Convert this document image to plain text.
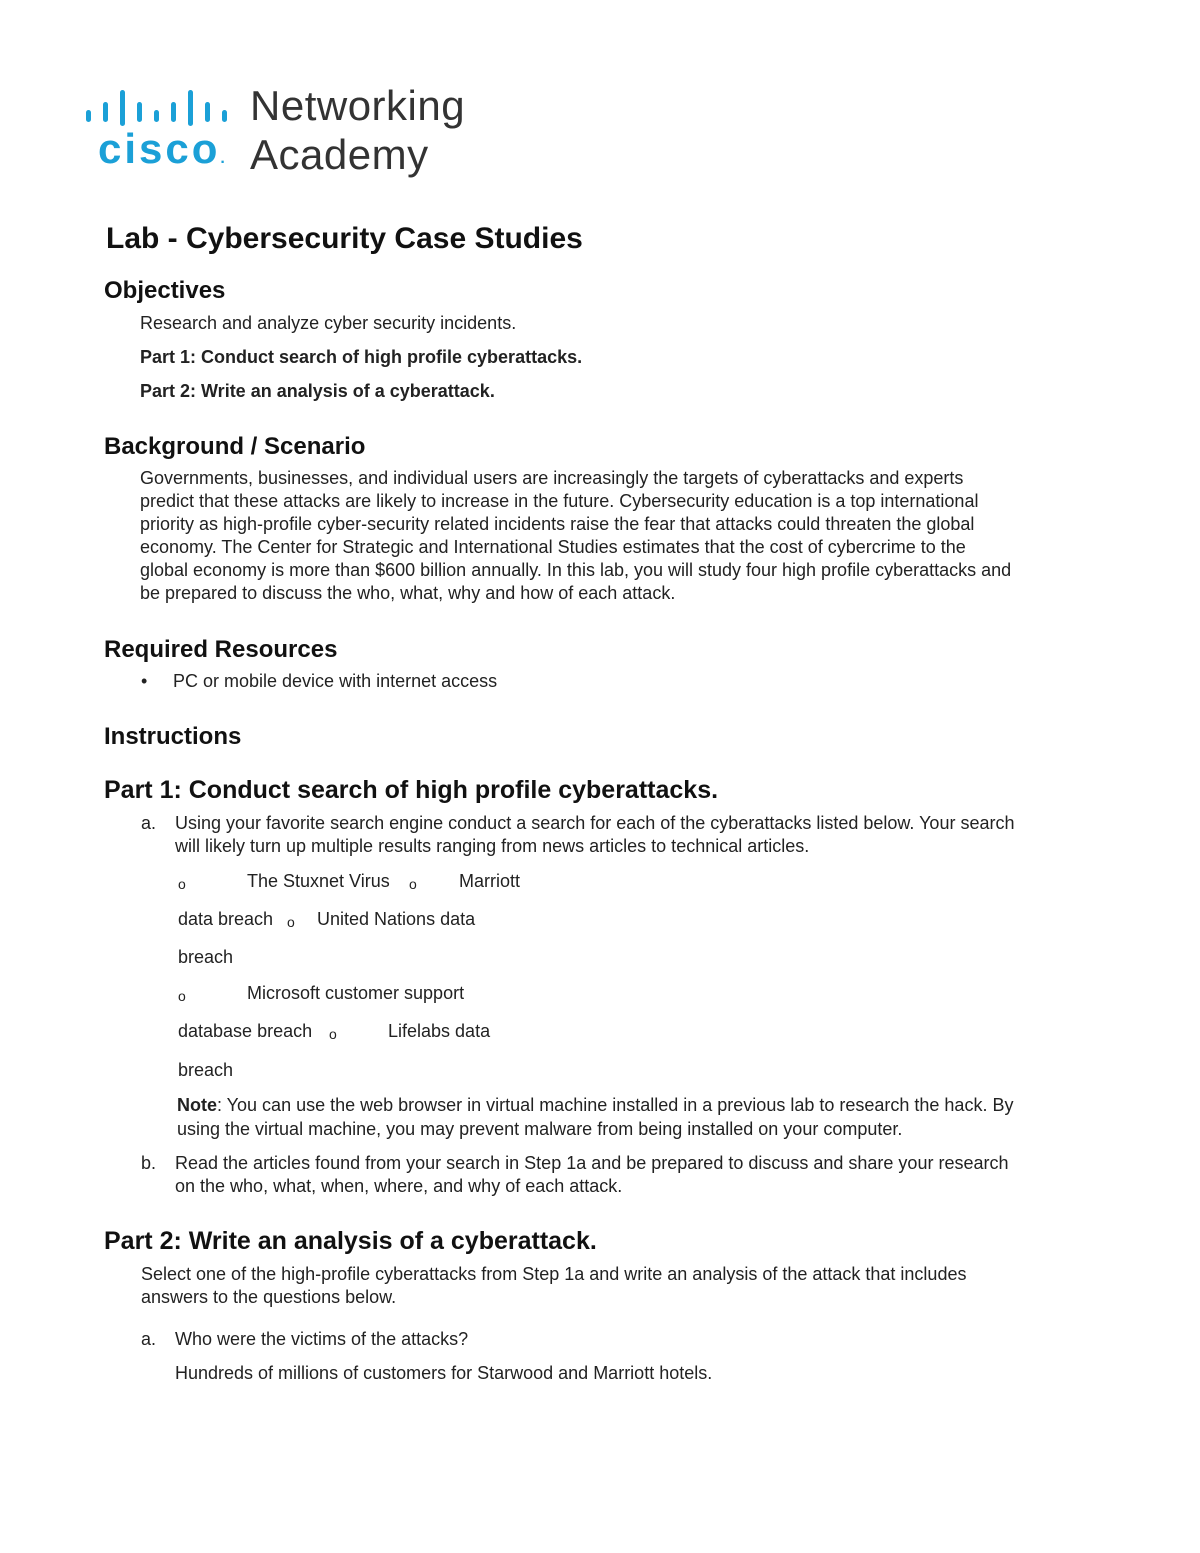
cisco.
Networking
Academy
Lab - Cybersecurity Case Studies
Objectives
Research and analyze cyber security incidents.
Part 1: Conduct search of high profile cyberattacks.
Part 2: Write an analysis of a cyberattack.
Background / Scenario
Governments, businesses, and individual users are increasingly the targets of cyberattacks and experts
predict that these attacks are likely to increase in the future. Cybersecurity education is a top international
priority as high-profile cyber-security related incidents raise the fear that attacks could threaten the global
economy. The Center for Strategic and International Studies estimates that the cost of cybercrime to the
global economy is more than $600 billion annually. In this lab, you will study four high profile cyberattacks and
be prepared to discuss the who, what, why and how of each attack.
Required Resources
• PC or mobile device with internet access
Instructions
Part 1: Conduct search of high profile cyberattacks.
a. Using your favorite search engine conduct a search for each of the cyberattacks listed below. Your search
will likely turn up multiple results ranging from news articles to technical articles.
o	The Stuxnet Virus o Marriott
data breach o United Nations data
breach
o	Microsoft customer support
database breach o	Lifelabs data
breach
Note: You can use the web browser in virtual machine installed in a previous lab to research the hack. By
using the virtual machine, you may prevent malware from being installed on your computer.
b. Read the articles found from your search in Step 1a and be prepared to discuss and share your research
on the who, what, when, where, and why of each attack.
Part 2: Write an analysis of a cyberattack.
Select one of the high-profile cyberattacks from Step 1a and write an analysis of the attack that includes
answers to the questions below.
a. Who were the victims of the attacks?
Hundreds of millions of customers for Starwood and Marriott hotels.
